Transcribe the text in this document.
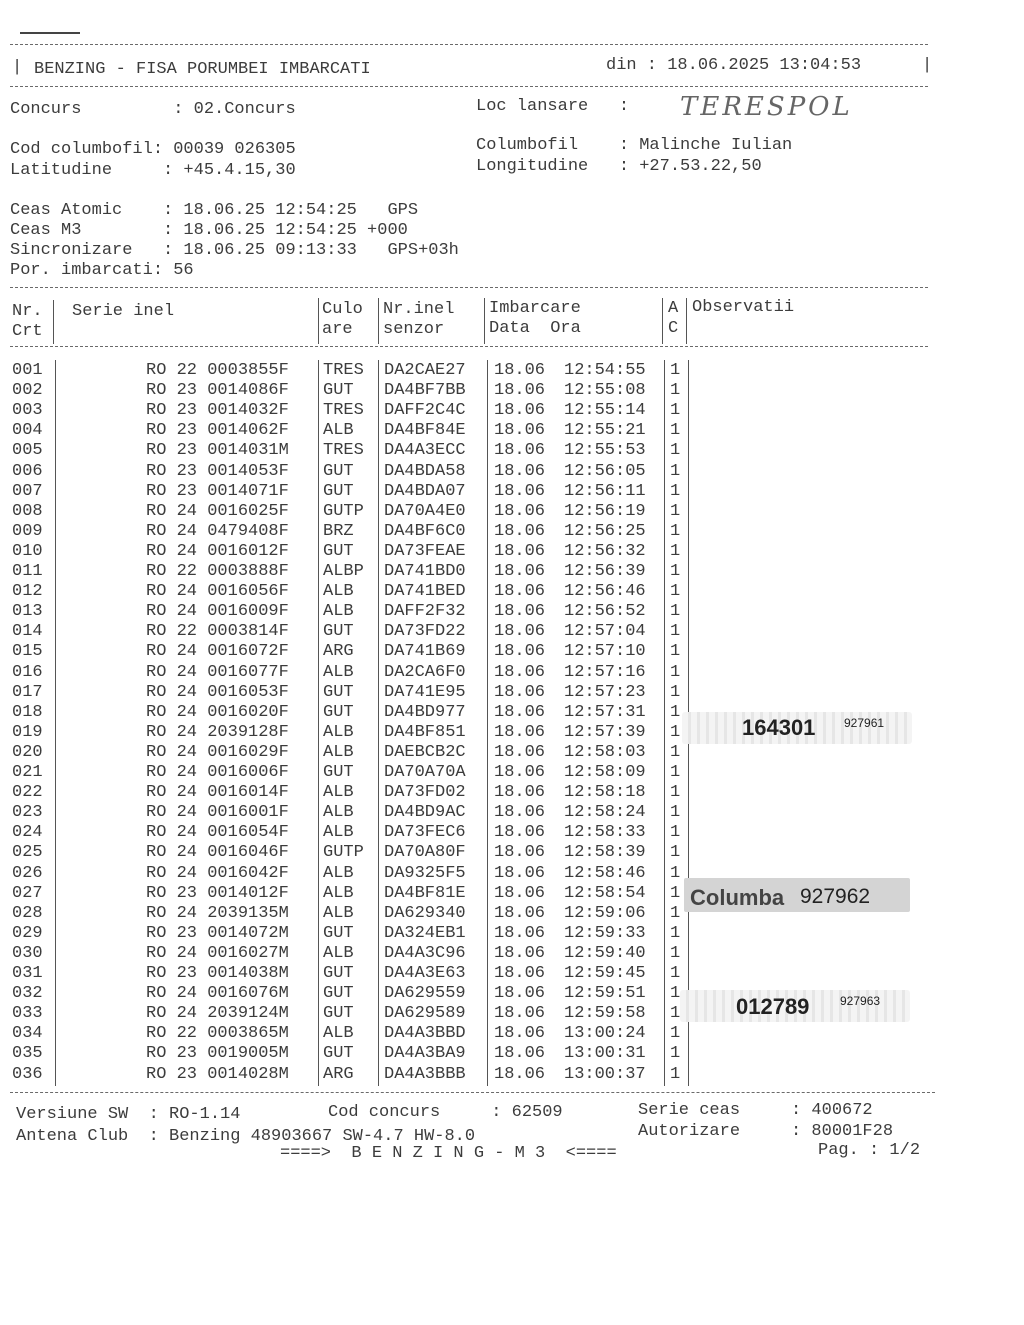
| BENZING - FISA PORUMBEI IMBARCATI	din : 18.06.2025 13:04:53	|
Concurs         : 02.Concurs	Loc lansare   : TERESPOL
Cod columbofil: 00039 026305	Columbofil    : Malinche Iulian
Latitudine     : +45.4.15,30	Longitudine   : +27.53.22,50
Ceas Atomic    : 18.06.25 12:54:25   GPS
Ceas M3        : 18.06.25 12:54:25 +000
Sincronizare   : 18.06.25 09:13:33   GPS+03h
Por. imbarcati: 56
Nr.
Crt
Serie inel	Culo
are
Nr.inel
senzor
Imbarcare
Data  Ora
A
C
Observatii
001	RO 22 0003855F TRES DA2CAE27 18.06 12:54:55 1
002	RO 23 0014086F GUT DA4BF7BB 18.06 12:55:08 1
003	RO 23 0014032F TRES DAFF2C4C 18.06 12:55:14 1
004	RO 23 0014062F ALB DA4BF84E 18.06 12:55:21 1
005	RO 23 0014031M TRES DA4A3ECC 18.06 12:55:53 1
006	RO 23 0014053F GUT DA4BDA58 18.06 12:56:05 1
007	RO 23 0014071F GUT DA4BDA07 18.06 12:56:11 1
008	RO 24 0016025F GUTP DA70A4E0 18.06 12:56:19 1
009	RO 24 0479408F BRZ DA4BF6C0 18.06 12:56:25 1
010	RO 24 0016012F GUT DA73FEAE 18.06 12:56:32 1
011	RO 22 0003888F ALBP DA741BD0 18.06 12:56:39 1
012	RO 24 0016056F ALB DA741BED 18.06 12:56:46 1
013	RO 24 0016009F ALB DAFF2F32 18.06 12:56:52 1
014	RO 22 0003814F GUT DA73FD22 18.06 12:57:04 1
015	RO 24 0016072F ARG DA741B69 18.06 12:57:10 1
016	RO 24 0016077F ALB DA2CA6F0 18.06 12:57:16 1
017	RO 24 0016053F GUT DA741E95 18.06 12:57:23 1
018	RO 24 0016020F GUT DA4BD977 18.06 12:57:31 1
019	RO 24 2039128F ALB DA4BF851 18.06 12:57:39 1
020	RO 24 0016029F ALB DAEBCB2C 18.06 12:58:03 1
021	RO 24 0016006F GUT DA70A70A 18.06 12:58:09 1
022	RO 24 0016014F ALB DA73FD02 18.06 12:58:18 1
023	RO 24 0016001F ALB DA4BD9AC 18.06 12:58:24 1
024	RO 24 0016054F ALB DA73FEC6 18.06 12:58:33 1
025	RO 24 0016046F GUTP DA70A80F 18.06 12:58:39 1
026	RO 24 0016042F ALB DA9325F5 18.06 12:58:46 1
027	RO 23 0014012F ALB DA4BF81E 18.06 12:58:54 1
028	RO 24 2039135M ALB DA629340 18.06 12:59:06 1
029	RO 23 0014072M GUT DA324EB1 18.06 12:59:33 1
030	RO 24 0016027M ALB DA4A3C96 18.06 12:59:40 1
031	RO 23 0014038M GUT DA4A3E63 18.06 12:59:45 1
032	RO 24 0016076M GUT DA629559 18.06 12:59:51 1
033	RO 24 2039124M GUT DA629589 18.06 12:59:58 1
034	RO 22 0003865M ALB DA4A3BBD 18.06 13:00:24 1
035	RO 23 0019005M GUT DA4A3BA9 18.06 13:00:31 1
036	RO 23 0014028M ARG DA4A3BBB 18.06 13:00:37 1
164301 927961
Columba 927962
012789	927963
Versiune SW  : RO-1.14	Cod concurs     : 62509	Serie ceas     : 400672
Antena Club  : Benzing 48903667 SW-4.7 HW-8.0	Autorizare     : 80001F28
====>  B E N Z I N G - M 3  <====	Pag. : 1/2
